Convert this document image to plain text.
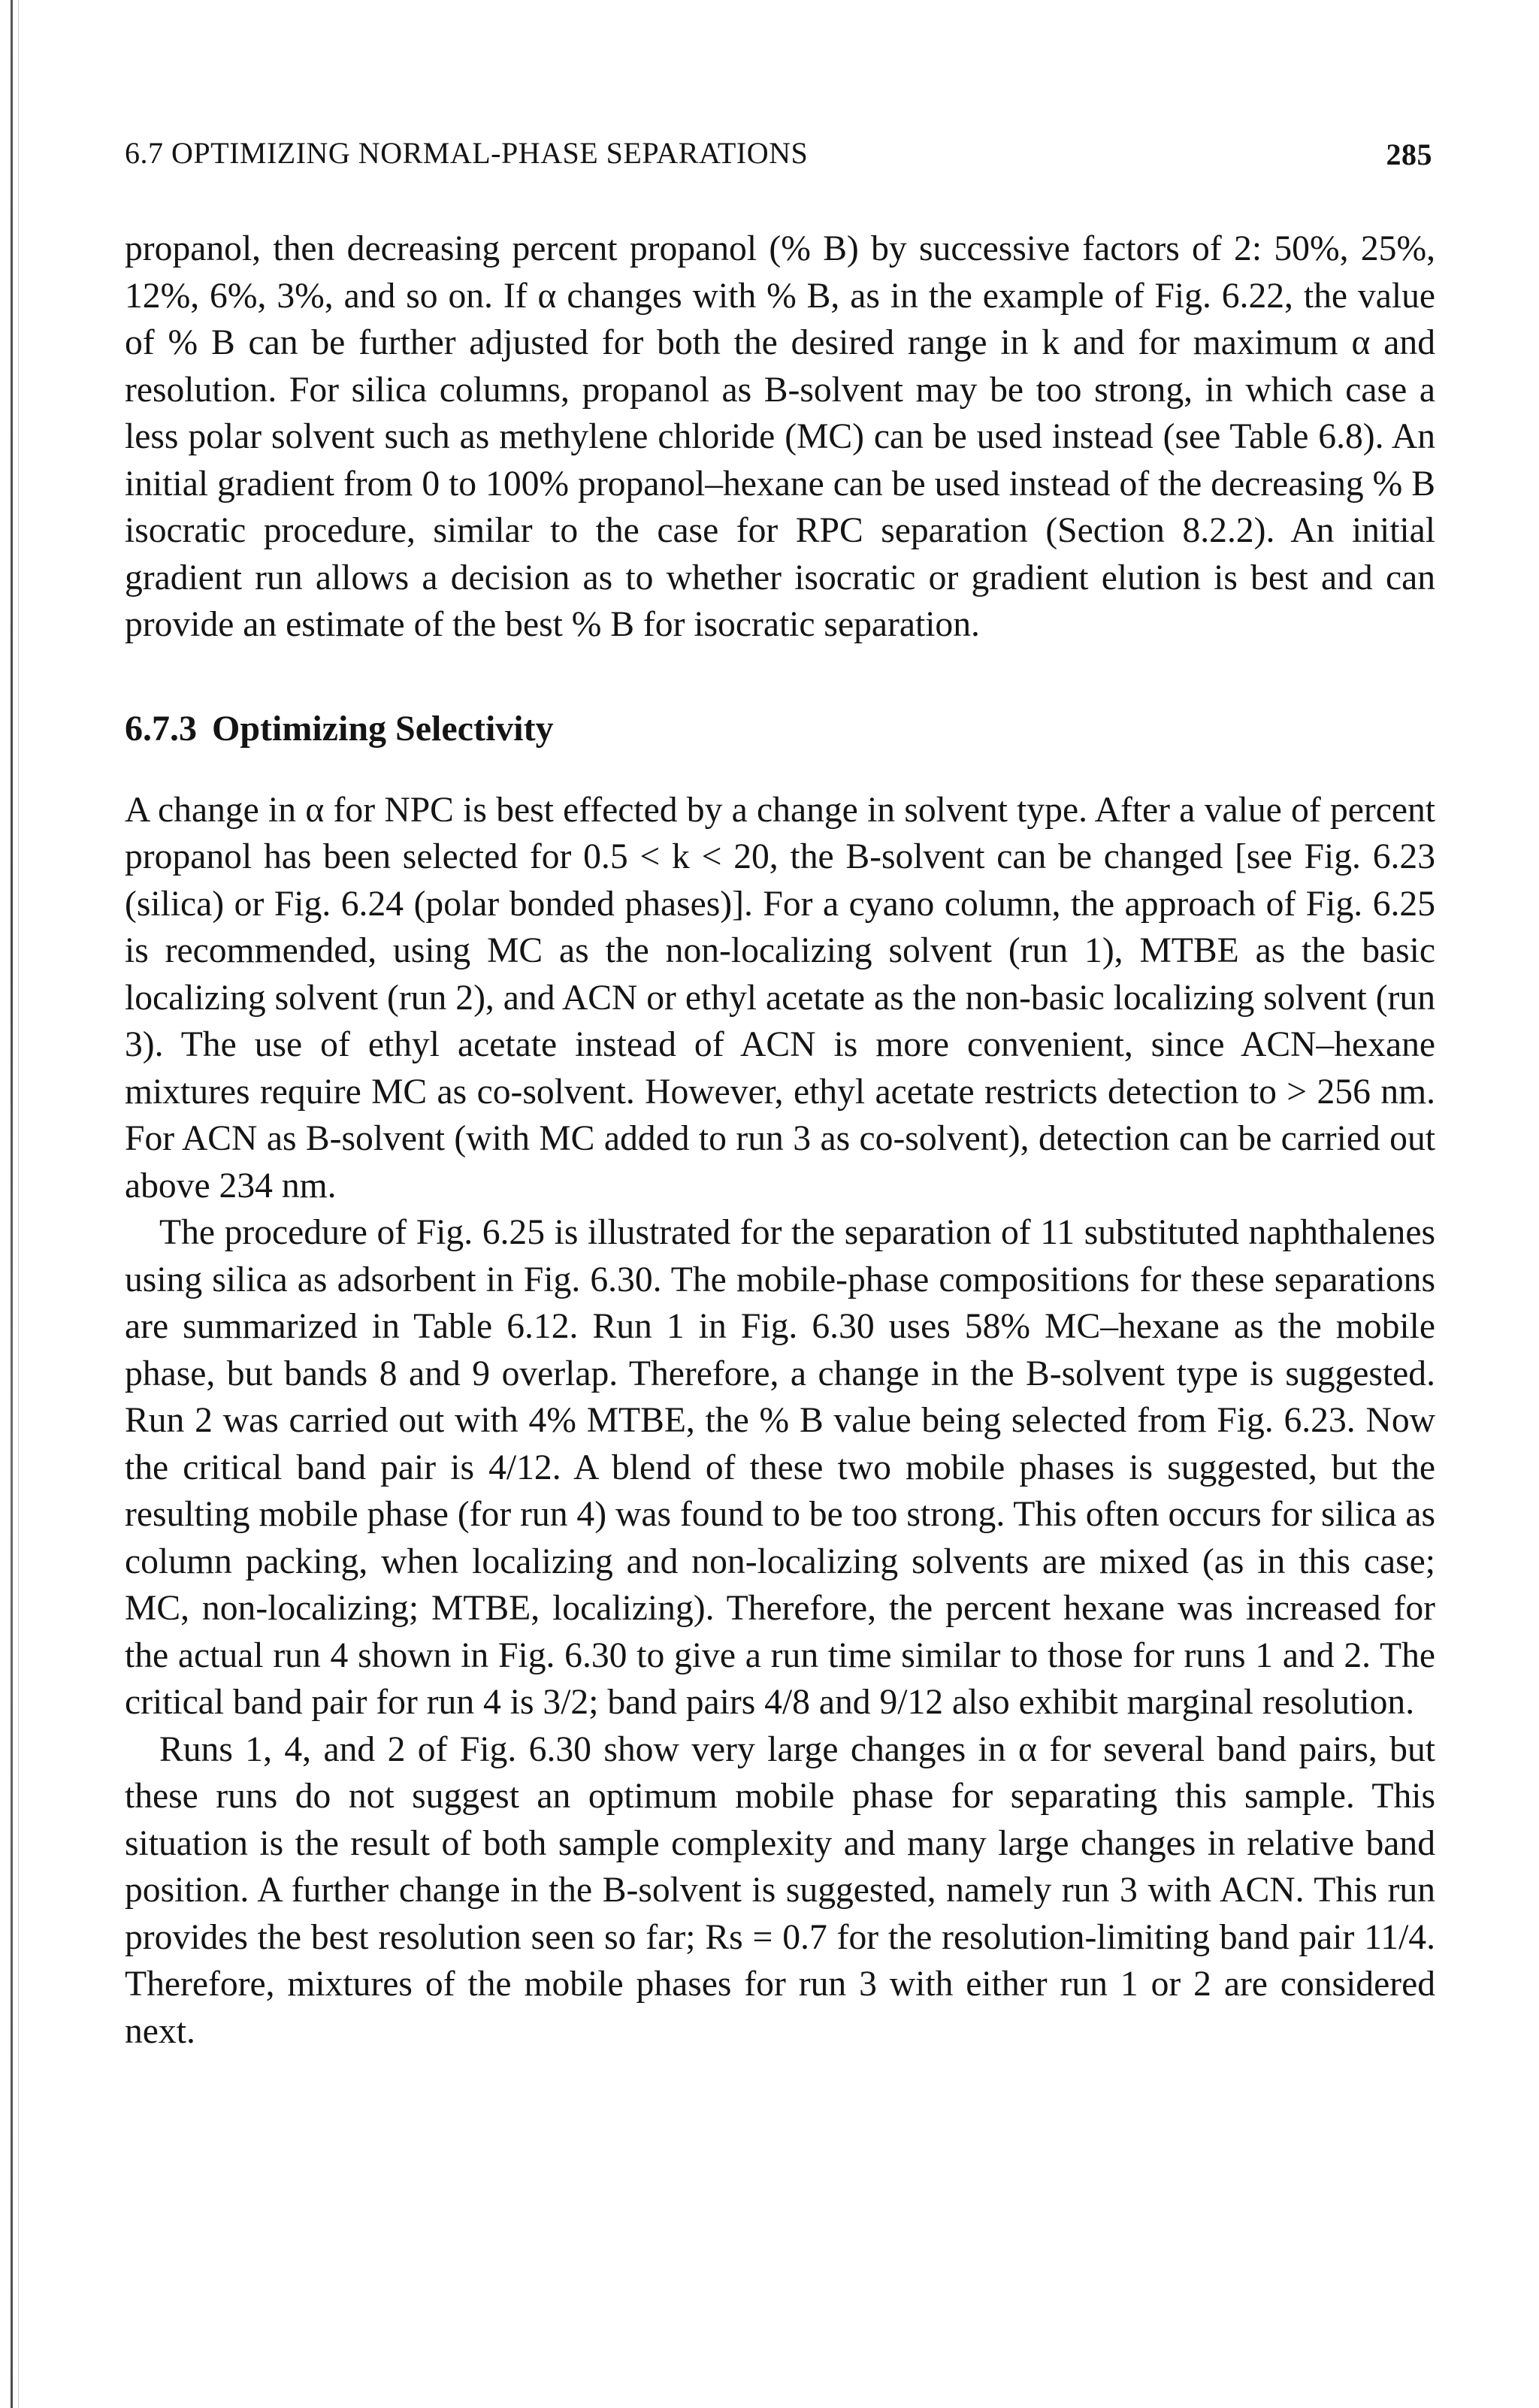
6.7 OPTIMIZING NORMAL-PHASE SEPARATIONS	285

propanol, then decreasing percent propanol (% B) by successive factors of 2: 50%, 25%, 12%, 6%, 3%, and so on. If α changes with % B, as in the example of Fig. 6.22, the value of % B can be further adjusted for both the desired range in k and for maximum α and resolution. For silica columns, propanol as B-solvent may be too strong, in which case a less polar solvent such as methylene chloride (MC) can be used instead (see Table 6.8). An initial gradient from 0 to 100% propanol–hexane can be used instead of the decreasing % B isocratic procedure, similar to the case for RPC separation (Section 8.2.2). An initial gradient run allows a decision as to whether isocratic or gradient elution is best and can provide an estimate of the best % B for isocratic separation.

6.7.3 Optimizing Selectivity

A change in α for NPC is best effected by a change in solvent type. After a value of percent propanol has been selected for 0.5 < k < 20, the B-solvent can be changed [see Fig. 6.23 (silica) or Fig. 6.24 (polar bonded phases)]. For a cyano column, the approach of Fig. 6.25 is recommended, using MC as the non-localizing solvent (run 1), MTBE as the basic localizing solvent (run 2), and ACN or ethyl acetate as the non-basic localizing solvent (run 3). The use of ethyl acetate instead of ACN is more convenient, since ACN–hexane mixtures require MC as co-solvent. However, ethyl acetate restricts detection to > 256 nm. For ACN as B-solvent (with MC added to run 3 as co-solvent), detection can be carried out above 234 nm.

The procedure of Fig. 6.25 is illustrated for the separation of 11 substituted naphthalenes using silica as adsorbent in Fig. 6.30. The mobile-phase compositions for these separations are summarized in Table 6.12. Run 1 in Fig. 6.30 uses 58% MC–hexane as the mobile phase, but bands 8 and 9 overlap. Therefore, a change in the B-solvent type is suggested. Run 2 was carried out with 4% MTBE, the % B value being selected from Fig. 6.23. Now the critical band pair is 4/12. A blend of these two mobile phases is suggested, but the resulting mobile phase (for run 4) was found to be too strong. This often occurs for silica as column packing, when localizing and non-localizing solvents are mixed (as in this case; MC, non-localizing; MTBE, localizing). Therefore, the percent hexane was increased for the actual run 4 shown in Fig. 6.30 to give a run time similar to those for runs 1 and 2. The critical band pair for run 4 is 3/2; band pairs 4/8 and 9/12 also exhibit marginal resolution.

Runs 1, 4, and 2 of Fig. 6.30 show very large changes in α for several band pairs, but these runs do not suggest an optimum mobile phase for separating this sample. This situation is the result of both sample complexity and many large changes in relative band position. A further change in the B-solvent is suggested, namely run 3 with ACN. This run provides the best resolution seen so far; Rs = 0.7 for the resolution-limiting band pair 11/4. Therefore, mixtures of the mobile phases for run 3 with either run 1 or 2 are considered next.
